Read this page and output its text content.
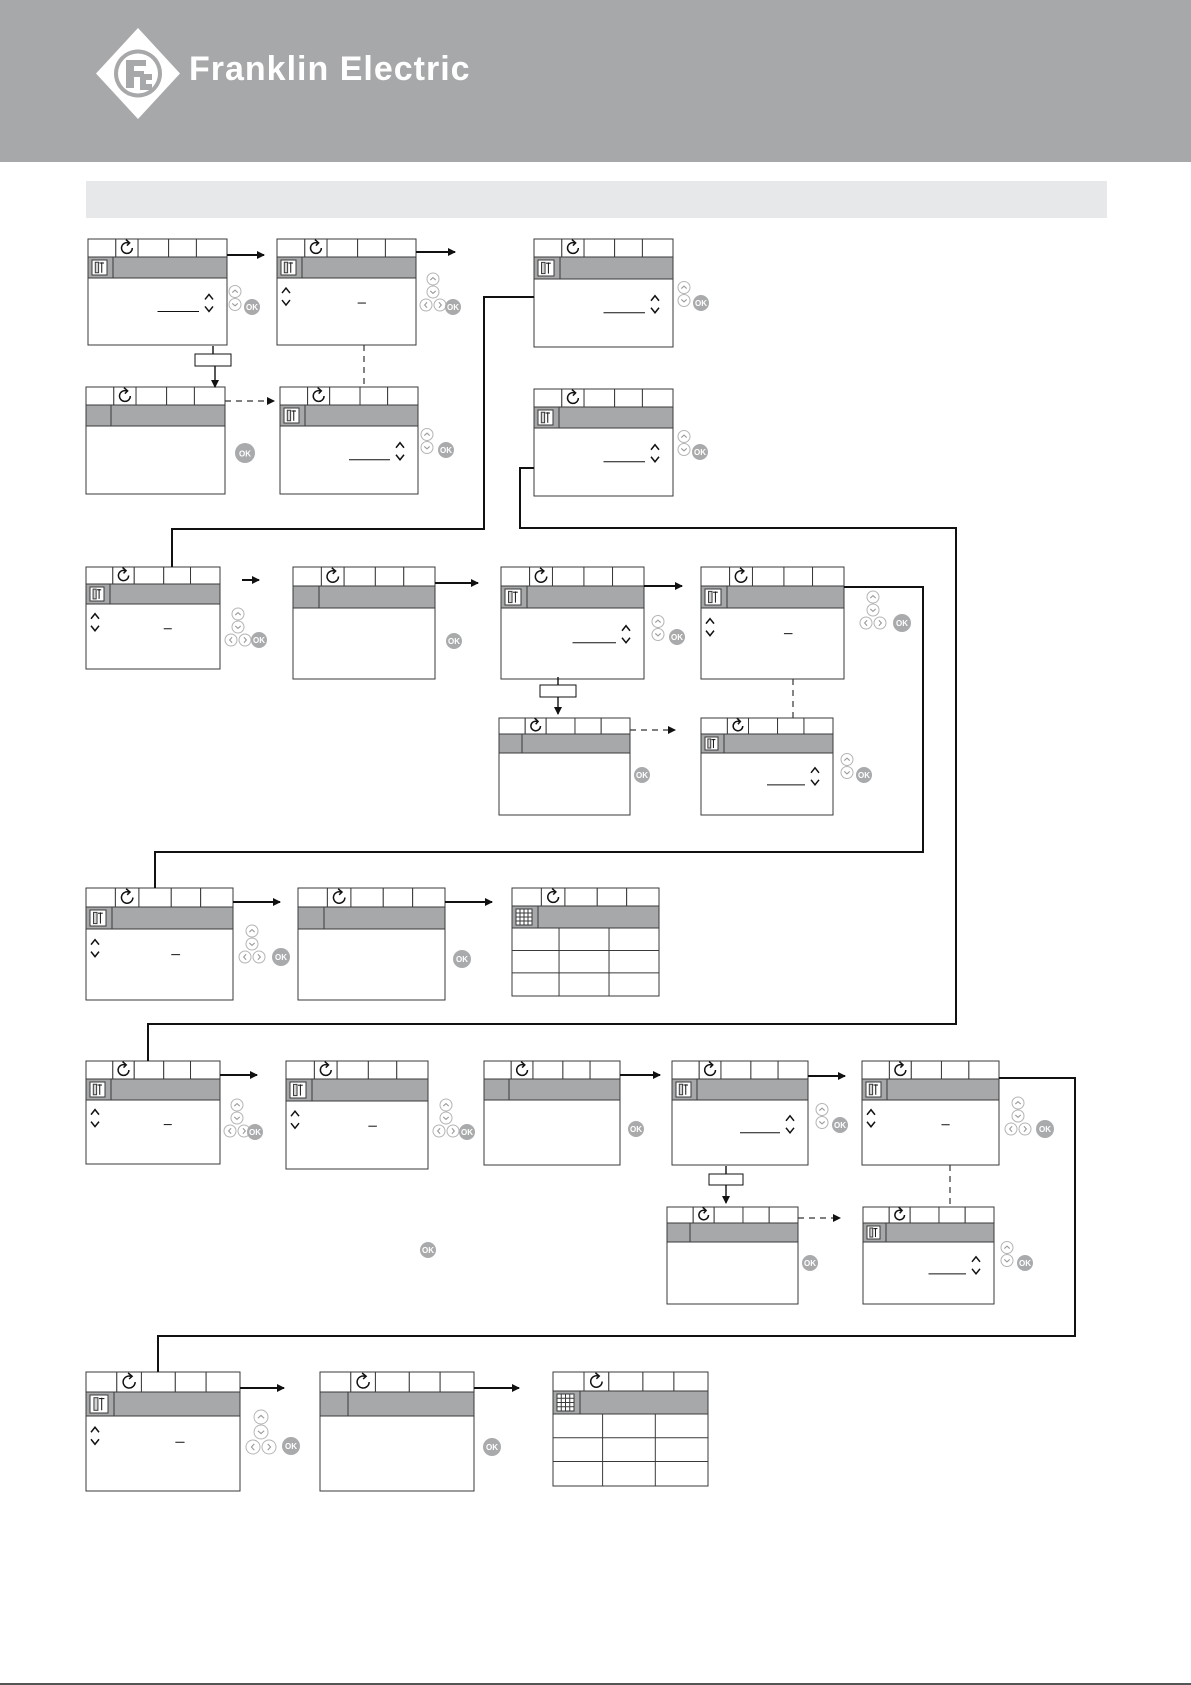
Franklin Electric
OK	OK	OK
OK	OK	OK
OK	OK	OK
OK
OK	OK
OK	OK
OK	OK	OK	OK	OK
OK	OK
OK
OK	OK
